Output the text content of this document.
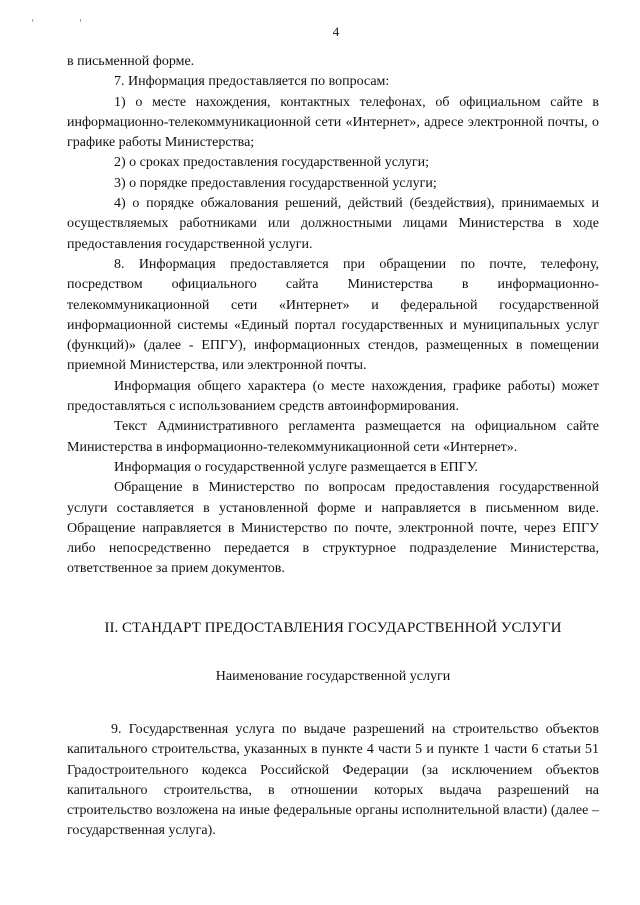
' '
4

в письменной форме.

7. Информация предоставляется по вопросам:

1) о месте нахождения, контактных телефонах, об официальном сайте в информационно-телекоммуникационной сети «Интернет», адресе электронной почты, о графике работы Министерства;

2) о сроках предоставления государственной услуги;

3) о порядке предоставления государственной услуги;

4) о порядке обжалования решений, действий (бездействия), принимаемых и осуществляемых работниками или должностными лицами Министерства в ходе предоставления государственной услуги.

8. Информация предоставляется при обращении по почте, телефону, посредством официального сайта Министерства в информационно-телекоммуникационной сети «Интернет» и федеральной государственной информационной системы «Единый портал государственных и муниципальных услуг (функций)» (далее - ЕПГУ), информационных стендов, размещенных в помещении приемной Министерства, или электронной почты.

Информация общего характера (о месте нахождения, графике работы) может предоставляться с использованием средств автоинформирования.

Текст Административного регламента размещается на официальном сайте Министерства в информационно-телекоммуникационной сети «Интернет».

Информация о государственной услуге размещается в ЕПГУ.

Обращение в Министерство по вопросам предоставления государственной услуги составляется в установленной форме и направляется в письменном виде. Обращение направляется в Министерство по почте, электронной почте, через ЕПГУ либо непосредственно передается в структурное подразделение Министерства, ответственное за прием документов.

II. СТАНДАРТ ПРЕДОСТАВЛЕНИЯ ГОСУДАРСТВЕННОЙ УСЛУГИ
Наименование государственной услуги

9. Государственная услуга по выдаче разрешений на строительство объектов капитального строительства, указанных в пункте 4 части 5 и пункте 1 части 6 статьи 51 Градостроительного кодекса Российской Федерации (за исключением объектов капитального строительства, в отношении которых выдача разрешений на строительство возложена на иные федеральные органы исполнительной власти) (далее – государственная услуга).
